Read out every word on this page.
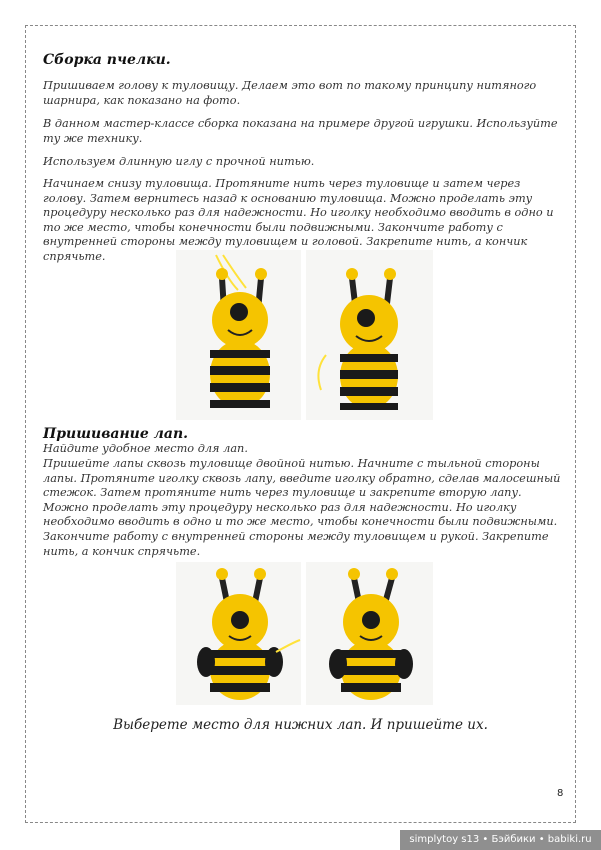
Сборка пчелки.

Пришиваем голову к туловищу. Делаем это вот по такому принципу нитяного шарнира, как показано на фото.

В данном мастер-классе сборка показана на примере другой игрушки. Используйте ту же технику.

Используем длинную иглу с прочной нитью.

Начинаем снизу туловища. Протяните нить через туловище и затем через голову. Затем вернитесь назад к основанию туловища. Можно проделать эту процедуру несколько раз для надежности. Но иголку необходимо вводить в одно и то же место, чтобы конечности были подвижными. Закончите работу с внутренней стороны между туловищем и головой. Закрепите нить, а кончик спрячьте.

Пришивание лап.

Найдите удобное место для лап.

Пришейте лапы сквозь туловище двойной нитью. Начните с тыльной стороны лапы. Протяните иголку сквозь лапу, введите иголку обратно, сделав малосешный стежок. Затем протяните нить через туловище и закрепите вторую лапу. Можно проделать эту процедуру несколько раз для надежности. Но иголку необходимо вводить в одно и то же место, чтобы конечности были подвижными. Закончите работу с внутренней стороны между туловищем и рукой. Закрепите нить, а кончик спрячьте.

Выберете место для нижних лап. И пришейте их.
8
simplytoy s13 • Бэйбики • babiki.ru
